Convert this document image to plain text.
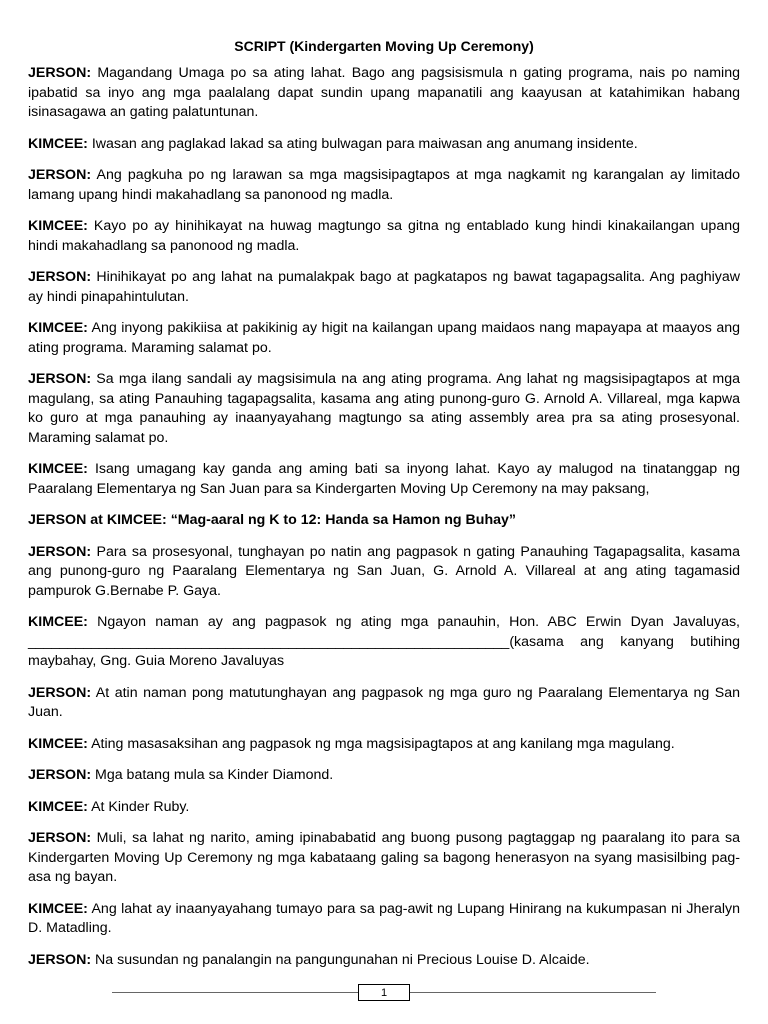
SCRIPT (Kindergarten Moving Up Ceremony)

JERSON: Magandang Umaga po sa ating lahat. Bago ang pagsisismula n gating programa, nais po naming ipabatid sa inyo ang mga paalalang dapat sundin upang mapanatili ang kaayusan at katahimikan habang isinasagawa an gating palatuntunan.

KIMCEE: Iwasan ang paglakad lakad sa ating bulwagan para maiwasan ang anumang insidente.

JERSON: Ang pagkuha po ng larawan sa mga magsisipagtapos at mga nagkamit ng karangalan ay limitado lamang upang hindi makahadlang sa panonood ng madla.

KIMCEE: Kayo po ay hinihikayat na huwag magtungo sa gitna ng entablado kung hindi kinakailangan upang hindi makahadlang sa panonood ng madla.

JERSON: Hinihikayat po ang lahat na pumalakpak bago at pagkatapos ng bawat tagapagsalita. Ang paghiyaw ay hindi pinapahintulutan.

KIMCEE: Ang inyong pakikiisa at pakikinig ay higit na kailangan upang maidaos nang mapayapa at maayos ang ating programa. Maraming salamat po.

JERSON: Sa mga ilang sandali ay magsisimula na ang ating programa. Ang lahat ng magsisipagtapos at mga magulang, sa ating Panauhing tagapagsalita, kasama ang ating punong-guro G. Arnold A. Villareal, mga kapwa ko guro at mga panauhing ay inaanyayahang magtungo sa ating assembly area pra sa ating prosesyonal. Maraming salamat po.

KIMCEE: Isang umagang kay ganda ang aming bati sa inyong lahat. Kayo ay malugod na tinatanggap ng Paaralang Elementarya ng San Juan para sa Kindergarten Moving Up Ceremony na may paksang,

JERSON at KIMCEE: “Mag-aaral ng K to 12: Handa sa Hamon ng Buhay”

JERSON: Para sa prosesyonal, tunghayan po natin ang pagpasok n gating Panauhing Tagapagsalita, kasama ang punong-guro ng Paaralang Elementarya ng San Juan, G. Arnold A. Villareal at ang ating tagamasid pampurok G.Bernabe P. Gaya.

KIMCEE: Ngayon naman ay ang pagpasok ng ating mga panauhin, Hon. ABC Erwin Dyan Javaluyas, _____________________________________________________________(kasama ang kanyang butihing maybahay, Gng. Guia Moreno Javaluyas

JERSON: At atin naman pong matutunghayan ang pagpasok ng mga guro ng Paaralang Elementarya ng San Juan.

KIMCEE: Ating masasaksihan ang pagpasok ng mga magsisipagtapos at ang kanilang mga magulang.

JERSON: Mga batang mula sa Kinder Diamond.

KIMCEE: At Kinder Ruby.

JERSON: Muli, sa lahat ng narito, aming ipinababatid ang buong pusong pagtaggap ng paaralang ito para sa Kindergarten Moving Up Ceremony ng mga kabataang galing sa bagong henerasyon na syang masisilbing pag-asa ng bayan.

KIMCEE: Ang lahat ay inaanyayahang tumayo para sa pag-awit ng Lupang Hinirang na kukumpasan ni Jheralyn D. Matadling.

JERSON: Na susundan ng panalangin na pangungunahan ni Precious Louise D. Alcaide.

1
